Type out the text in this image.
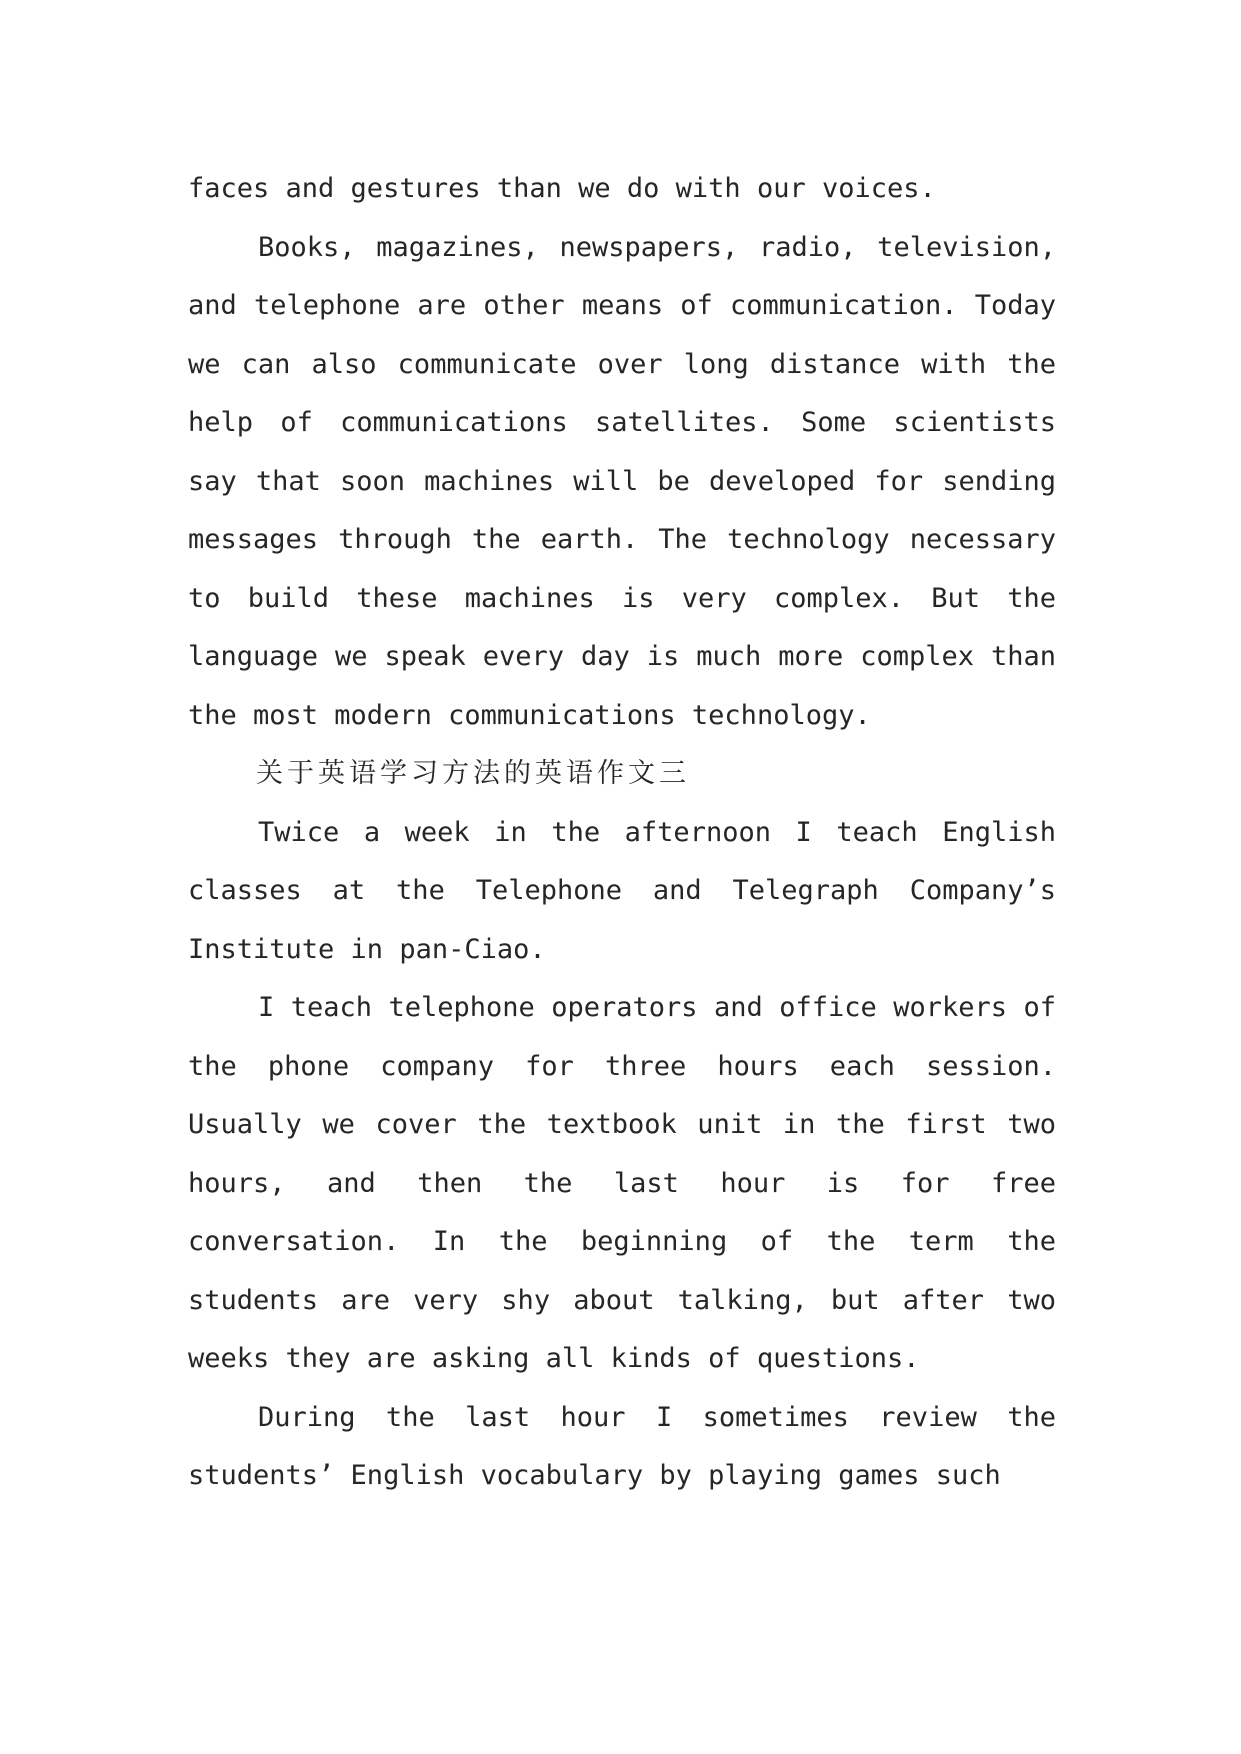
faces and gestures than we do with our voices.

Books, magazines, newspapers, radio, television, and telephone are other means of communication. Today we can also communicate over long distance with the help of communications satellites. Some scientists say that soon machines will be developed for sending messages through the earth. The technology necessary to build these machines is very complex. But the language we speak every day is much more complex than the most modern communications technology.

关于英语学习方法的英语作文三

Twice a week in the afternoon I teach English classes at the Telephone and Telegraph Company’s Institute in pan-Ciao.

I teach telephone operators and office workers of the phone company for three hours each session. Usually we cover the textbook unit in the first two hours, and then the last hour is for free conversation. In the beginning of the term the students are very shy about talking, but after two weeks they are asking all kinds of questions.

During the last hour I sometimes review the students’ English vocabulary by playing games such
